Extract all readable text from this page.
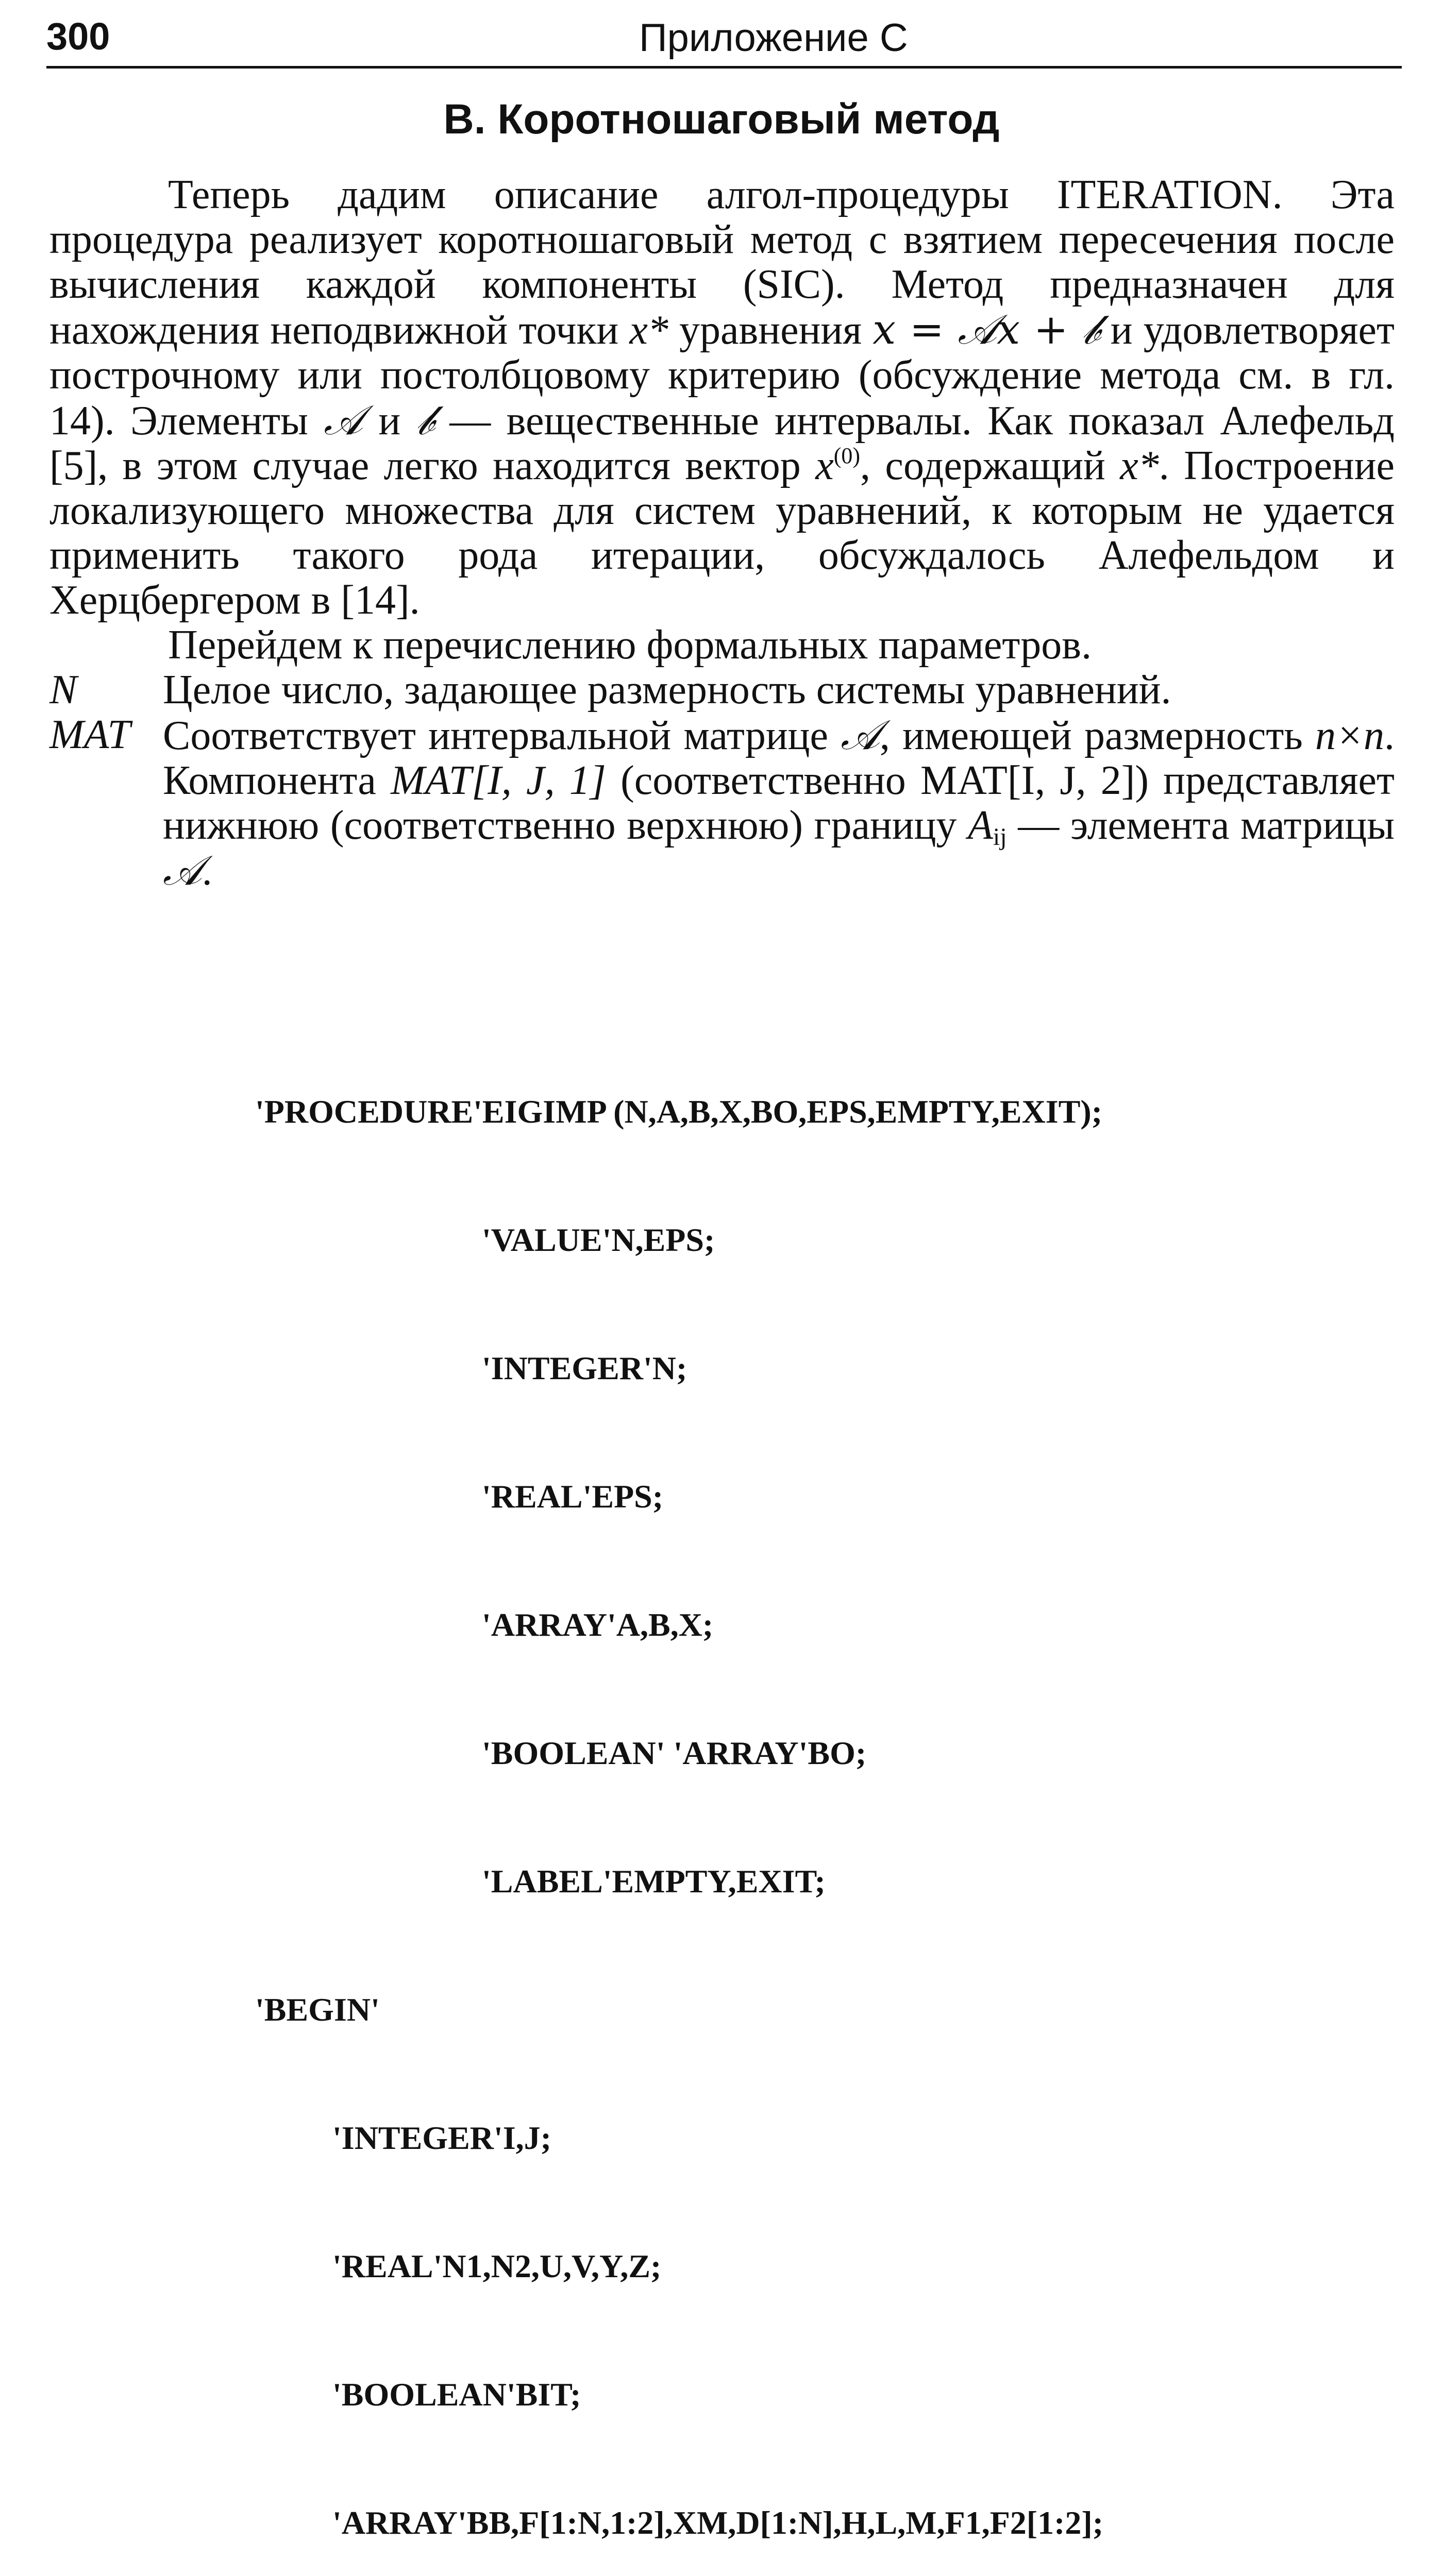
300	Приложение C
B. Коротношаговый метод

Теперь дадим описание алгол-процедуры ITERATION. Эта процедура реализует коротношаговый метод с взятием пересечения после вычисления каждой компоненты (SIC). Метод предназначен для нахождения неподвижной точки x* уравнения x = 𝒜x + 𝒷 и удовлетворяет построчному или постолбцовому критерию (обсуждение метода см. в гл. 14). Элементы 𝒜 и 𝒷 — вещественные интервалы. Как показал Алефельд [5], в этом случае легко находится вектор $x^{(0)}$, содержащий x*. Построение локализующего множества для систем уравнений, к которым не удается применить такого рода итерации, обсуждалось Алефельдом и Херцбергером в [14].

Перейдем к перечислению формальных параметров.

N	Целое число, задающее размерность системы уравнений.
MAT Соответствует интервальной матрице 𝒜, имеющей размерность n×n. Компонента MAT[I, J, 1] (соответственно MAT[I, J, 2]) представляет нижнюю (соответственно верхнюю) границу $A_{ij}$ — элемента матрицы 𝒜.

'PROCEDURE'EIGIMP (N,A,B,X,BO,EPS,EMPTY,EXIT);

'VALUE'N,EPS;

'INTEGER'N;

'REAL'EPS;

'ARRAY'A,B,X;

'BOOLEAN' 'ARRAY'BO;

'LABEL'EMPTY,EXIT;

'BEGIN'

'INTEGER'I,J;

'REAL'N1,N2,U,V,Y,Z;

'BOOLEAN'BIT;

'ARRAY'BB,F[1:N,1:2],XM,D[1:N],H,L,M,F1,F2[1:2];
